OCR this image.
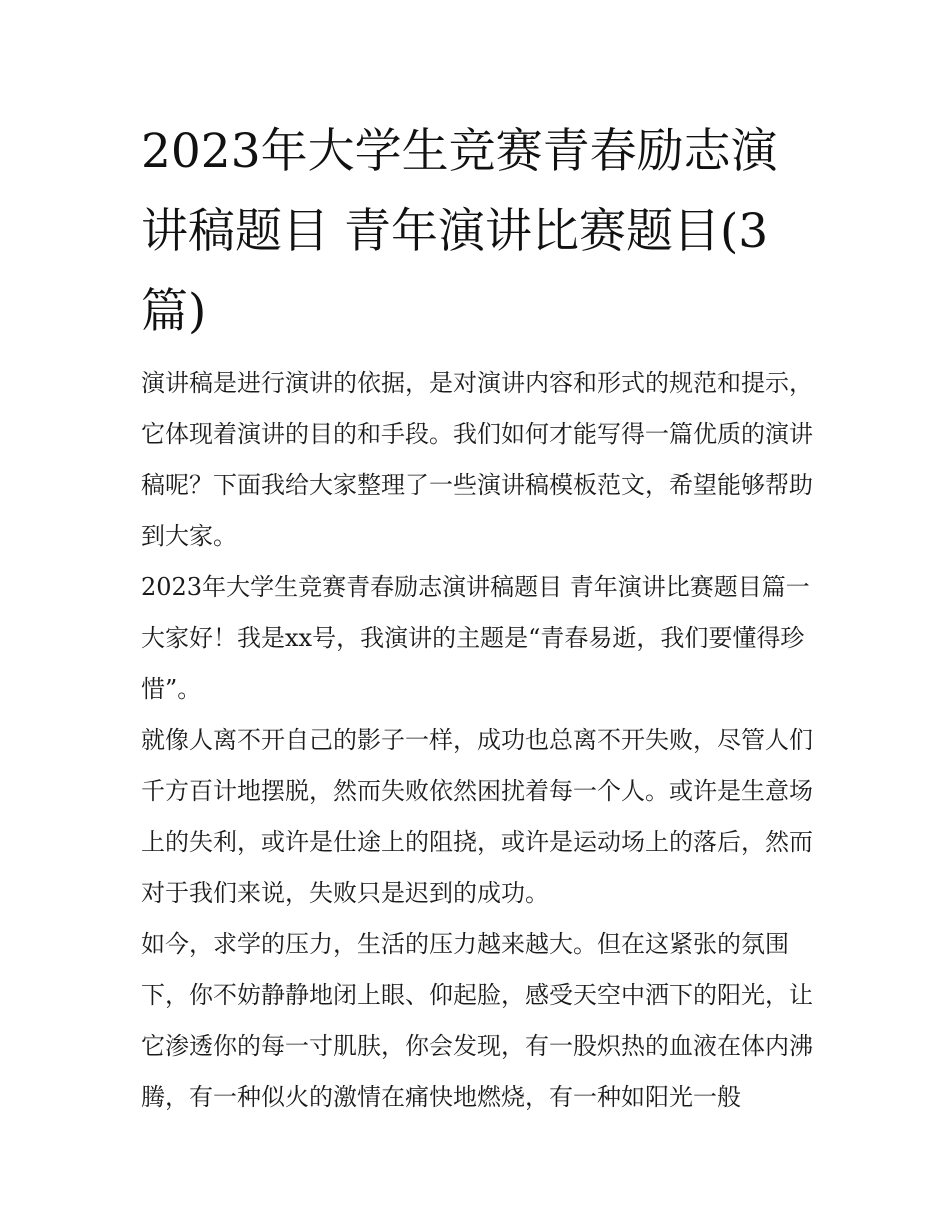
2023年大学生竞赛青春励志演讲稿题目 青年演讲比赛题目(3篇)

演讲稿是进行演讲的依据，是对演讲内容和形式的规范和提示，它体现着演讲的目的和手段。我们如何才能写得一篇优质的演讲稿呢？下面我给大家整理了一些演讲稿模板范文，希望能够帮助到大家。

2023年大学生竞赛青春励志演讲稿题目 青年演讲比赛题目篇一 大家好！我是xx号，我演讲的主题是“青春易逝，我们要懂得珍惜”。

就像人离不开自己的影子一样，成功也总离不开失败，尽管人们千方百计地摆脱，然而失败依然困扰着每一个人。或许是生意场上的失利，或许是仕途上的阻挠，或许是运动场上的落后，然而对于我们来说，失败只是迟到的成功。

如今，求学的压力，生活的压力越来越大。但在这紧张的氛围下，你不妨静静地闭上眼、仰起脸，感受天空中洒下的阳光，让它渗透你的每一寸肌肤，你会发现，有一股炽热的血液在体内沸腾，有一种似火的激情在痛快地燃烧，有一种如阳光一般
